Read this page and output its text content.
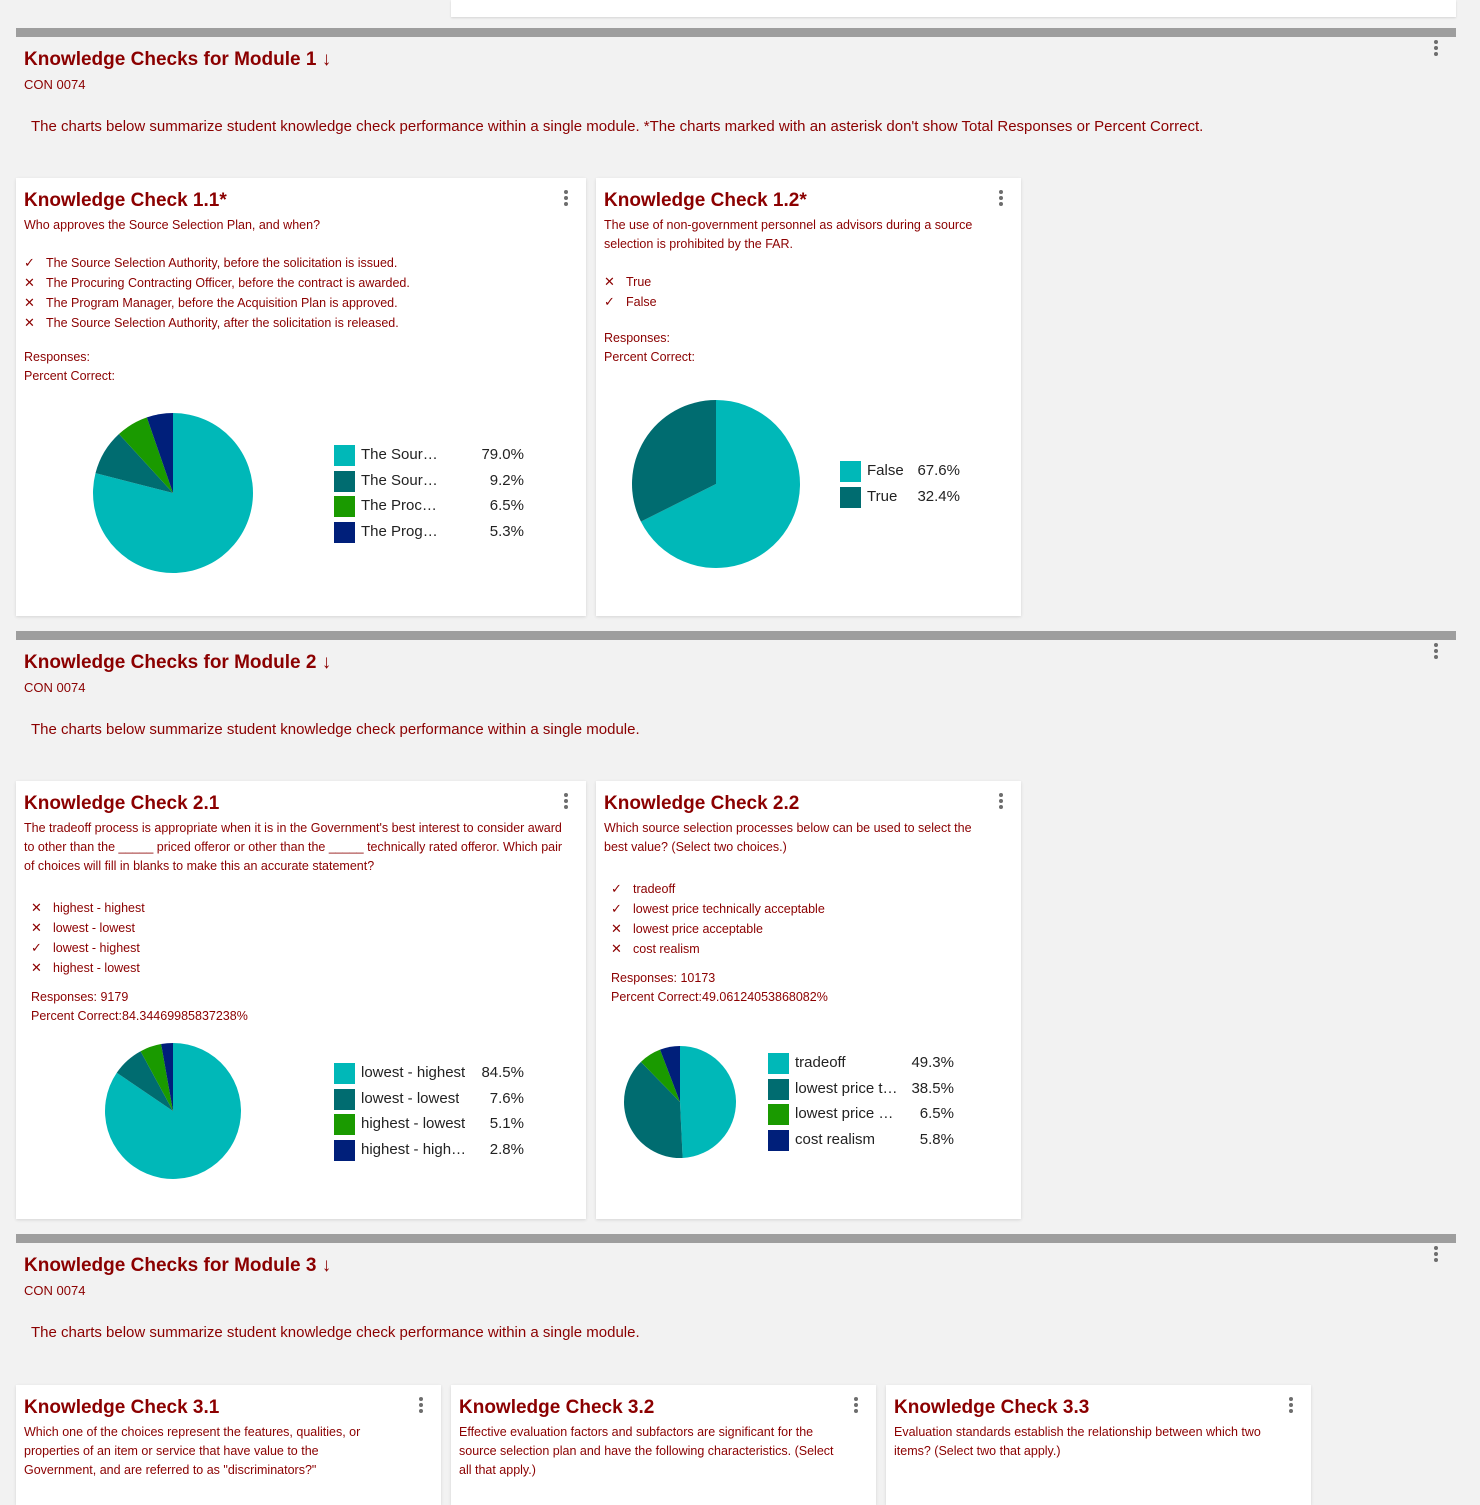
Knowledge Checks for Module 1 ↓
CON 0074
The charts below summarize student knowledge check performance within a single module. *The charts marked with an asterisk don't show Total Responses or Percent Correct.
Knowledge Check 1.1*
Who approves the Source Selection Plan, and when?
✓ The Source Selection Authority, before the solicitation is issued.
✕ The Procuring Contracting Officer, before the contract is awarded.
✕ The Program Manager, before the Acquisition Plan is approved.
✕ The Source Selection Authority, after the solicitation is released.
Responses:
Percent Correct:
The Sour…	79.0%
The Sour…	9.2%
The Proc…	6.5%
The Prog…	5.3%
Knowledge Check 1.2*
The use of non-government personnel as advisors during a source selection is prohibited by the FAR.
✕ True
✓ False
Responses:
Percent Correct:
False 67.6%
True 32.4%
Knowledge Checks for Module 2 ↓
CON 0074
The charts below summarize student knowledge check performance within a single module.
Knowledge Check 2.1
The tradeoff process is appropriate when it is in the Government's best interest to consider award to other than the _____ priced offeror or other than the _____ technically rated offeror. Which pair of choices will fill in blanks to make this an accurate statement?
✕ highest - highest
✕ lowest - lowest
✓ lowest - highest
✕ highest - lowest
Responses: 9179
Percent Correct:84.34469985837238%
lowest - highest 84.5%
lowest - lowest 7.6%
highest - lowest 5.1%
highest - high… 2.8%
Knowledge Check 2.2
Which source selection processes below can be used to select the best value? (Select two choices.)
✓ tradeoff
✓ lowest price technically acceptable
✕ lowest price acceptable
✕ cost realism
Responses: 10173
Percent Correct:49.06124053868082%
tradeoff	49.3%
lowest price t… 38.5%
lowest price … 6.5%
cost realism	5.8%
Knowledge Checks for Module 3 ↓
CON 0074
The charts below summarize student knowledge check performance within a single module.
Knowledge Check 3.1
Which one of the choices represent the features, qualities, or properties of an item or service that have value to the Government, and are referred to as "discriminators?"
Knowledge Check 3.2
Effective evaluation factors and subfactors are significant for the source selection plan and have the following characteristics. (Select all that apply.)
Knowledge Check 3.3
Evaluation standards establish the relationship between which two items? (Select two that apply.)
